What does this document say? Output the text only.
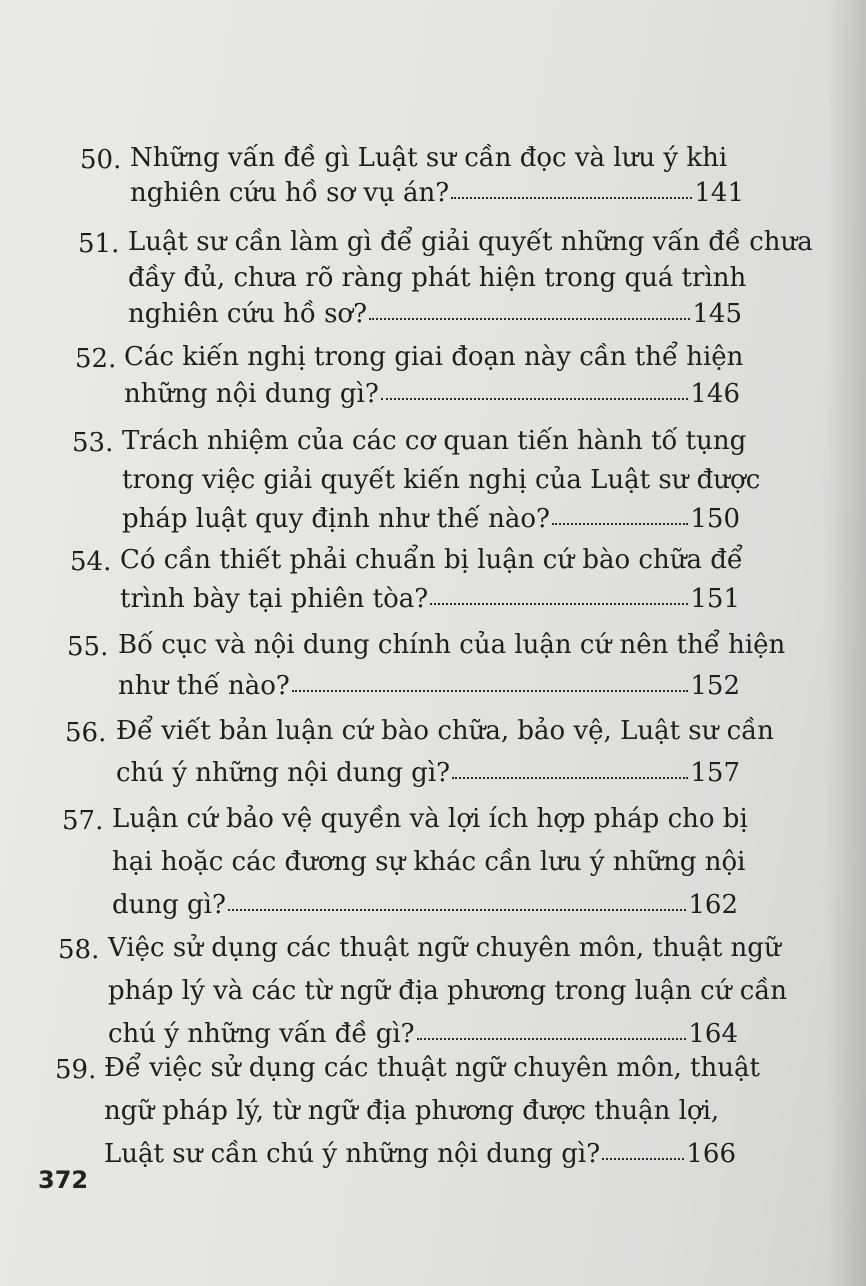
50. Những vấn đề gì Luật sư cần đọc và lưu ý khi
nghiên cứu hồ sơ vụ án?	141
51. Luật sư cần làm gì để giải quyết những vấn đề chưa
đầy đủ, chưa rõ ràng phát hiện trong quá trình
nghiên cứu hồ sơ?	145
52. Các kiến nghị trong giai đoạn này cần thể hiện
những nội dung gì?	146
53. Trách nhiệm của các cơ quan tiến hành tố tụng
trong việc giải quyết kiến nghị của Luật sư được
pháp luật quy định như thế nào?	150
54. Có cần thiết phải chuẩn bị luận cứ bào chữa để
trình bày tại phiên tòa?	151
55. Bố cục và nội dung chính của luận cứ nên thể hiện
như thế nào?	152
56. Để viết bản luận cứ bào chữa, bảo vệ, Luật sư cần
chú ý những nội dung gì?	157
57. Luận cứ bảo vệ quyền và lợi ích hợp pháp cho bị
hại hoặc các đương sự khác cần lưu ý những nội
dung gì?	162
58. Việc sử dụng các thuật ngữ chuyên môn, thuật ngữ
pháp lý và các từ ngữ địa phương trong luận cứ cần
chú ý những vấn đề gì?	164
59. Để việc sử dụng các thuật ngữ chuyên môn, thuật
ngữ pháp lý, từ ngữ địa phương được thuận lợi,
Luật sư cần chú ý những nội dung gì?	166
372
